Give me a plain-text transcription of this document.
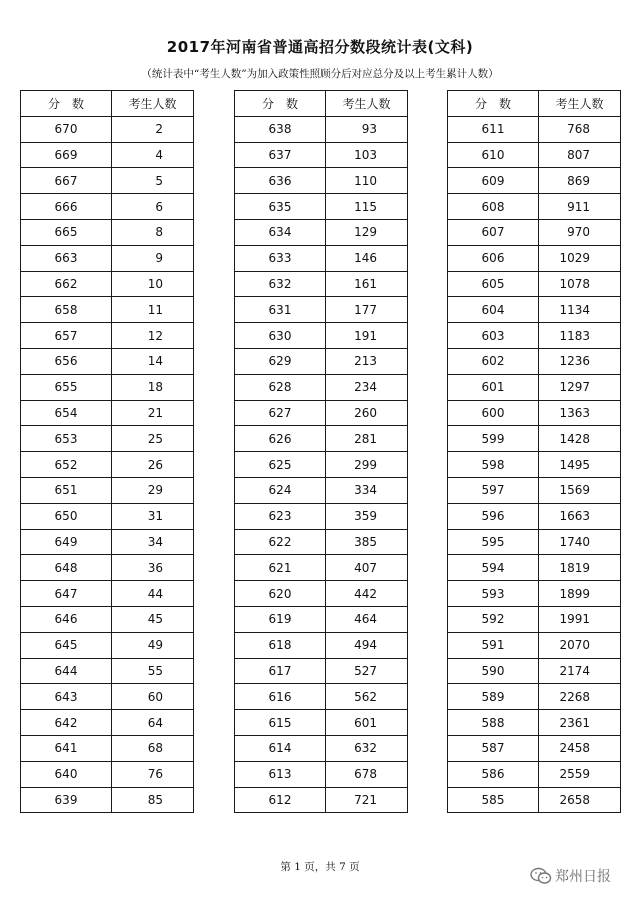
2017年河南省普通高招分数段统计表(文科)

（统计表中“考生人数”为加入政策性照顾分后对应总分及以上考生累计人数）

分　数	考生人数
670	2
669	4
667	5
666	6
665	8
663	9
662	10
658	11
657	12
656	14
655	18
654	21
653	25
652	26
651	29
650	31
649	34
648	36
647	44
646	45
645	49
644	55
643	60
642	64
641	68
640	76
639	85
分　数	考生人数
638	93
637	103
636	110
635	115
634	129
633	146
632	161
631	177
630	191
629	213
628	234
627	260
626	281
625	299
624	334
623	359
622	385
621	407
620	442
619	464
618	494
617	527
616	562
615	601
614	632
613	678
612	721
分　数	考生人数
611	768
610	807
609	869
608	911
607	970
606	1029
605	1078
604	1134
603	1183
602	1236
601	1297
600	1363
599	1428
598	1495
597	1569
596	1663
595	1740
594	1819
593	1899
592	1991
591	2070
590	2174
589	2268
588	2361
587	2458
586	2559
585	2658
第 1 页，共 7 页
郑州日报
